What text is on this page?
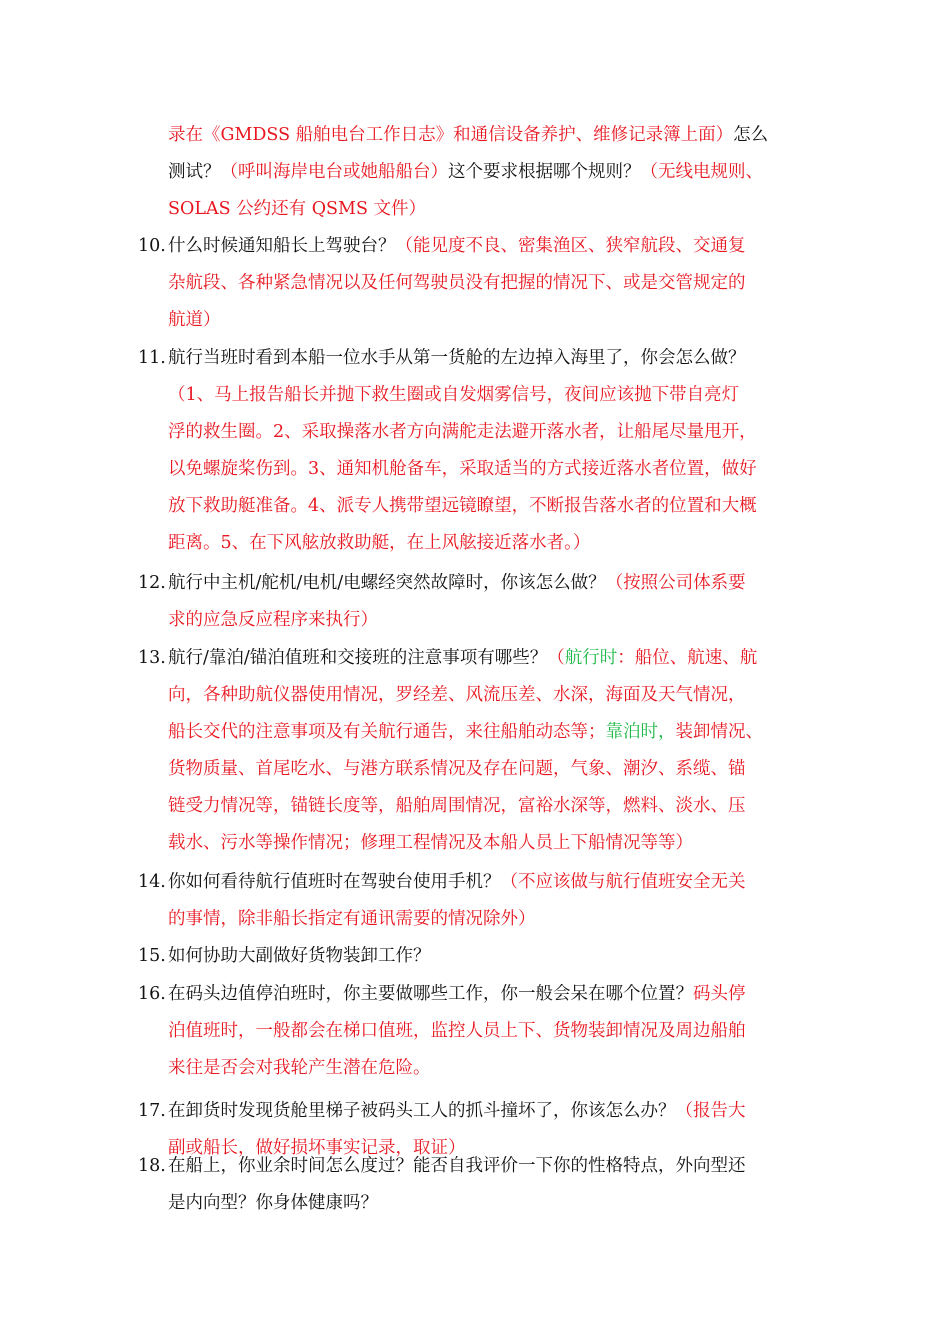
录在《GMDSS 船舶电台工作日志》和通信设备养护、维修记录簿上面）怎么
测试？（呼叫海岸电台或她船船台）这个要求根据哪个规则？（无线电规则、
SOLAS 公约还有 QSMS 文件）
10. 什么时候通知船长上驾驶台？（能见度不良、密集渔区、狭窄航段、交通复
杂航段、各种紧急情况以及任何驾驶员没有把握的情况下、或是交管规定的
航道）
11. 航行当班时看到本船一位水手从第一货舱的左边掉入海里了，你会怎么做？
（1、马上报告船长并抛下救生圈或自发烟雾信号，夜间应该抛下带自亮灯
浮的救生圈。2、采取操落水者方向满舵走法避开落水者，让船尾尽量甩开，
以免螺旋桨伤到。3、通知机舱备车，采取适当的方式接近落水者位置，做好
放下救助艇准备。4、派专人携带望远镜瞭望，不断报告落水者的位置和大概
距离。5、在下风舷放救助艇，在上风舷接近落水者。）
12. 航行中主机/舵机/电机/电螺经突然故障时，你该怎么做？（按照公司体系要
求的应急反应程序来执行）
13. 航行/靠泊/锚泊值班和交接班的注意事项有哪些？（航行时：船位、航速、航
向，各种助航仪器使用情况，罗经差、风流压差、水深，海面及天气情况，
船长交代的注意事项及有关航行通告，来往船舶动态等；靠泊时，装卸情况、
货物质量、首尾吃水、与港方联系情况及存在问题，气象、潮汐、系缆、锚
链受力情况等，锚链长度等，船舶周围情况，富裕水深等，燃料、淡水、压
载水、污水等操作情况；修理工程情况及本船人员上下船情况等等）
14. 你如何看待航行值班时在驾驶台使用手机？（不应该做与航行值班安全无关
的事情，除非船长指定有通讯需要的情况除外）
15. 如何协助大副做好货物装卸工作？
16. 在码头边值停泊班时，你主要做哪些工作，你一般会呆在哪个位置？码头停
泊值班时，一般都会在梯口值班，监控人员上下、货物装卸情况及周边船舶
来往是否会对我轮产生潜在危险。
17. 在卸货时发现货舱里梯子被码头工人的抓斗撞坏了，你该怎么办？（报告大
副或船长，做好损坏事实记录，取证）
18. 在船上，你业余时间怎么度过？能否自我评价一下你的性格特点，外向型还
是内向型？你身体健康吗？
